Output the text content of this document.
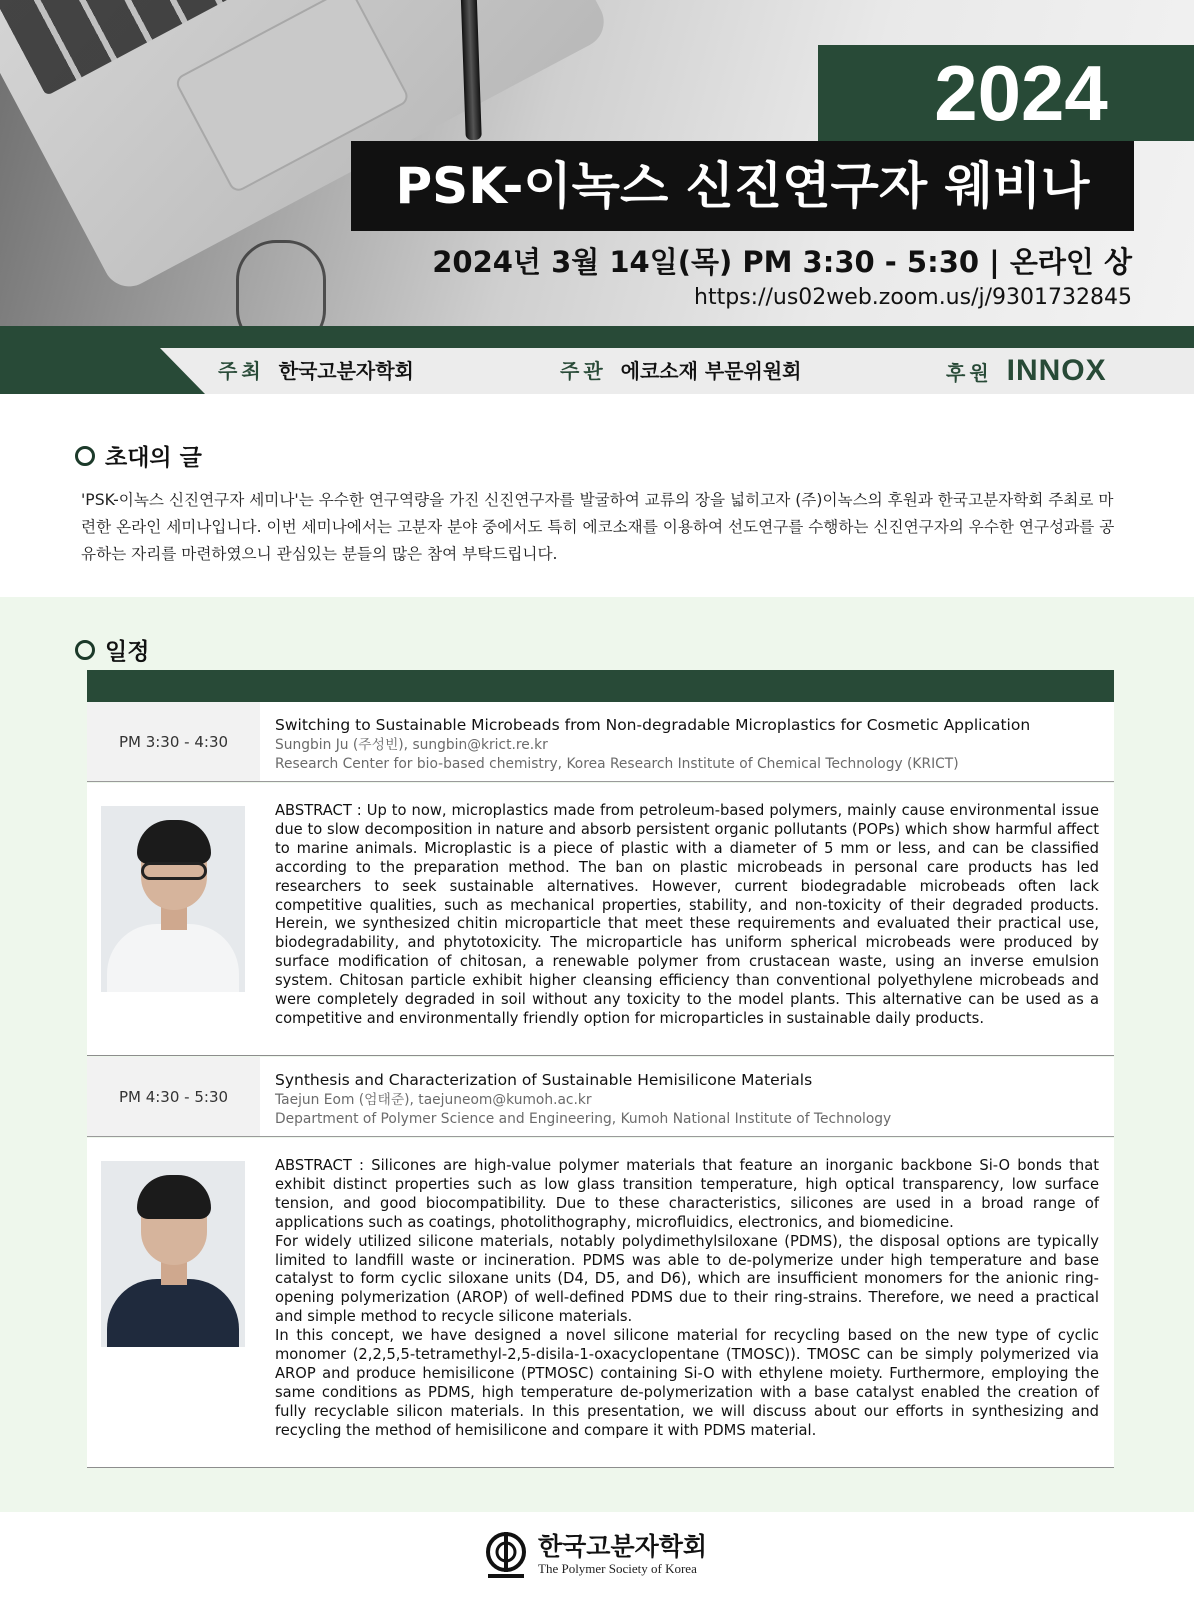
2024
PSK-이녹스 신진연구자 웨비나
2024년 3월 14일(목) PM 3:30 - 5:30 | 온라인 상
https://us02web.zoom.us/j/9301732845
주최 한국고분자학회	주관 에코소재 부문위원회	후원 INNOX
초대의 글
'PSK-이녹스 신진연구자 세미나'는 우수한 연구역량을 가진 신진연구자를 발굴하여 교류의 장을 넓히고자 (주)이녹스의 후원과 한국고분자학회 주최로 마련한 온라인 세미나입니다. 이번 세미나에서는 고분자 분야 중에서도 특히 에코소재를 이용하여 선도연구를 수행하는 신진연구자의 우수한 연구성과를 공유하는 자리를 마련하였으니 관심있는 분들의 많은 참여 부탁드립니다.
일정
PM 3:30 - 4:30
Switching to Sustainable Microbeads from Non-degradable Microplastics for Cosmetic Application
Sungbin Ju (주성빈), sungbin@krict.re.kr
Research Center for bio-based chemistry, Korea Research Institute of Chemical Technology (KRICT)

ABSTRACT : Up to now, microplastics made from petroleum-based polymers, mainly cause environmental issue due to slow decomposition in nature and absorb persistent organic pollutants (POPs) which show harmful affect to marine animals. Microplastic is a piece of plastic with a diameter of 5 mm or less, and can be classified according to the preparation method. The ban on plastic microbeads in personal care products has led researchers to seek sustainable alternatives. However, current biodegradable microbeads often lack competitive qualities, such as mechanical properties, stability, and non-toxicity of their degraded products. Herein, we synthesized chitin microparticle that meet these requirements and evaluated their practical use, biodegradability, and phytotoxicity. The microparticle has uniform spherical microbeads were produced by surface modification of chitosan, a renewable polymer from crustacean waste, using an inverse emulsion system. Chitosan particle exhibit higher cleansing efficiency than conventional polyethylene microbeads and were completely degraded in soil without any toxicity to the model plants. This alternative can be used as a competitive and environmentally friendly option for microparticles in sustainable daily products.

PM 4:30 - 5:30
Synthesis and Characterization of Sustainable Hemisilicone Materials
Taejun Eom (엄태준), taejuneom@kumoh.ac.kr
Department of Polymer Science and Engineering, Kumoh National Institute of Technology

ABSTRACT : Silicones are high-value polymer materials that feature an inorganic backbone Si-O bonds that exhibit distinct properties such as low glass transition temperature, high optical transparency, low surface tension, and good biocompatibility. Due to these characteristics, silicones are used in a broad range of applications such as coatings, photolithography, microfluidics, electronics, and biomedicine.

For widely utilized silicone materials, notably polydimethylsiloxane (PDMS), the disposal options are typically limited to landfill waste or incineration. PDMS was able to de-polymerize under high temperature and base catalyst to form cyclic siloxane units (D4, D5, and D6), which are insufficient monomers for the anionic ring-opening polymerization (AROP) of well-defined PDMS due to their ring-strains. Therefore, we need a practical and simple method to recycle silicone materials.

In this concept, we have designed a novel silicone material for recycling based on the new type of cyclic monomer (2,2,5,5-tetramethyl-2,5-disila-1-oxacyclopentane (TMOSC)). TMOSC can be simply polymerized via AROP and produce hemisilicone (PTMOSC) containing Si-O with ethylene moiety. Furthermore, employing the same conditions as PDMS, high temperature de-polymerization with a base catalyst enabled the creation of fully recyclable silicon materials. In this presentation, we will discuss about our efforts in synthesizing and recycling the method of hemisilicone and compare it with PDMS material.

한국고분자학회
The Polymer Society of Korea
